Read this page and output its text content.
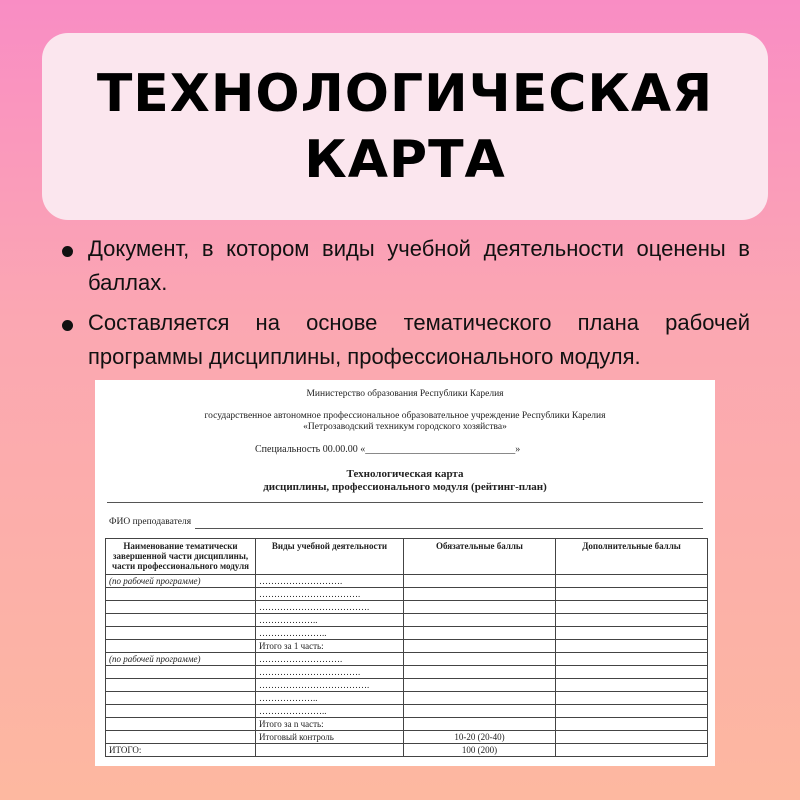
ТЕХНОЛОГИЧЕСКАЯ
КАРТА
Документ, в котором виды учебной деятельности оценены в баллах.
Составляется на основе тематического плана рабочей программы дисциплины, профессионального модуля.
Министерство образования Республики Карелия
государственное автономное профессиональное образовательное учреждение Республики Карелия
«Петрозаводский техникум городского хозяйства»
Специальность 00.00.00 «______________________________»
Технологическая карта
дисциплины, профессионального модуля (рейтинг-план)
ФИО преподавателя
Наименование тематически завершенной части дисциплины, части профессионального модуля	Виды учебной деятельности	Обязательные баллы	Дополнительные баллы
(по рабочей программе)	……………………….		
	…………………………….		
	……………………………….		
	………………..		
	…………………..		
	Итого за 1 часть:		
(по рабочей программе)	……………………….		
	…………………………….		
	……………………………….		
	………………..		
	…………………..		
	Итого за n часть:		
	Итоговый контроль	10-20 (20-40)	
ИТОГО:		100 (200)	
